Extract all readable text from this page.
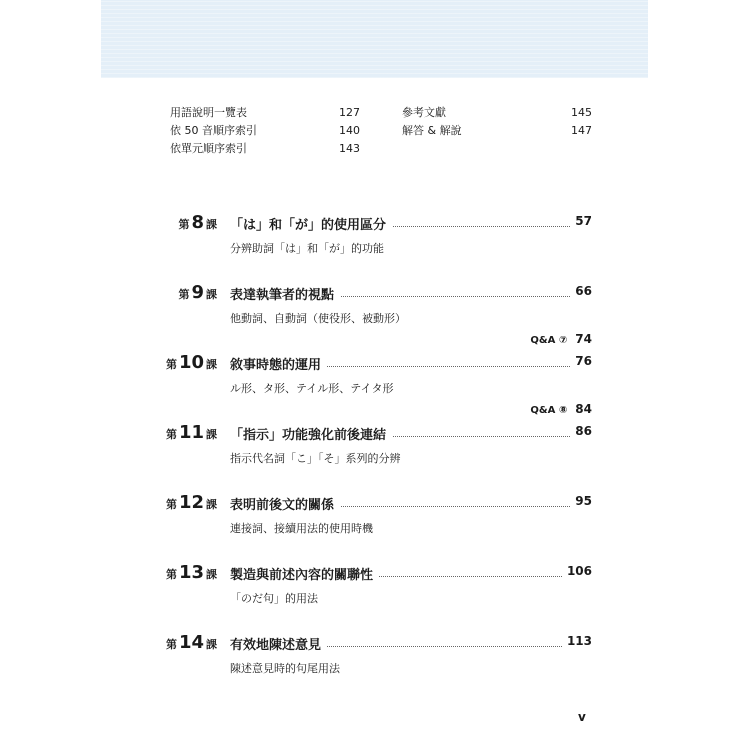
用語說明一覽表	127
依 50 音順序索引	140
依單元順序索引	143
參考文獻	145
解答 & 解說	147
第 8 課 「は」和「が」的使用區分	57
分辨助詞「は」和「が」的功能
第 9 課 表達執筆者的視點	66
他動詞、自動詞（使役形、被動形）
Q&A ⑦ 74
第 10 課 敘事時態的運用	76
ル形、タ形、テイル形、テイタ形
Q&A ⑧ 84
第 11 課 「指示」功能強化前後連結	86
指示代名詞「こ」「そ」系列的分辨
第 12 課 表明前後文的關係	95
連接詞、接續用法的使用時機
第 13 課 製造與前述內容的關聯性	106
「のだ句」的用法
第 14 課 有效地陳述意見	113
陳述意見時的句尾用法
v
